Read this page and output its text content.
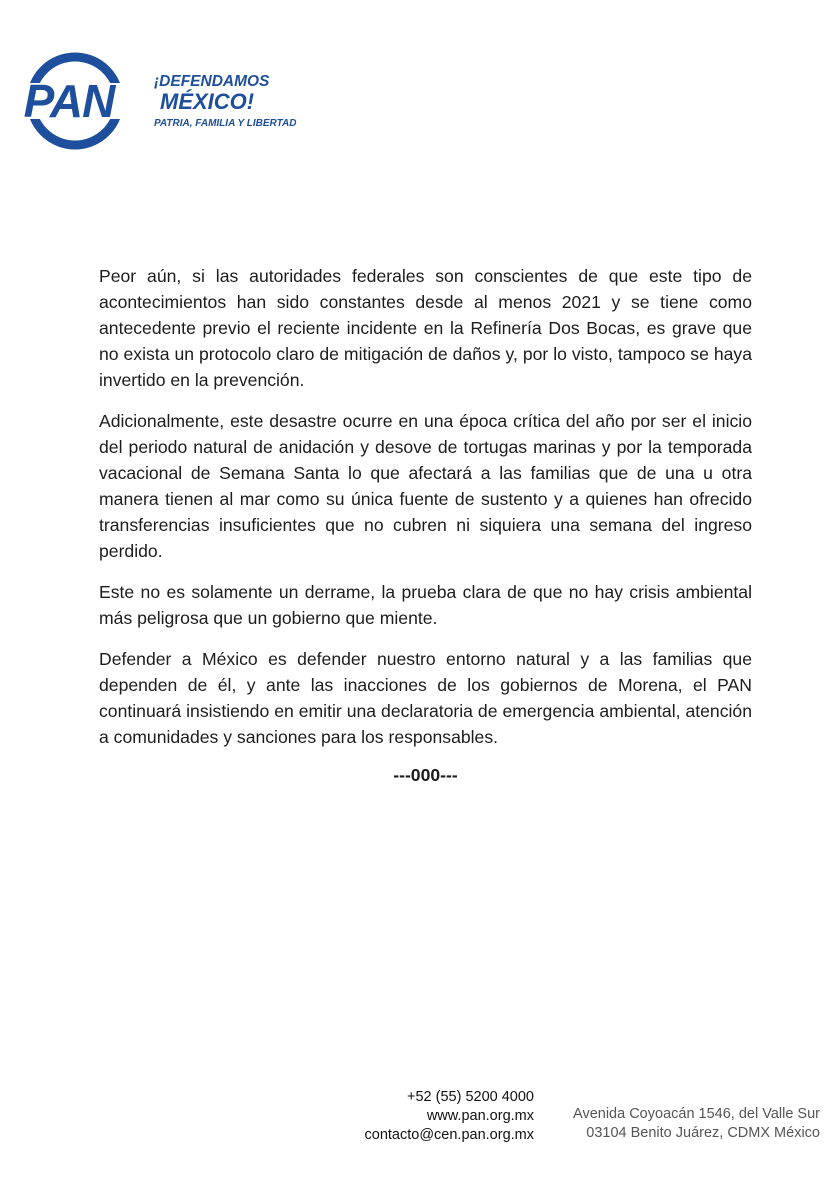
PAN	¡DEFENDAMOS
MÉXICO!
PATRIA, FAMILIA Y LIBERTAD

Peor aún, si las autoridades federales son conscientes de que este tipo de acontecimientos han sido constantes desde al menos 2021 y se tiene como antecedente previo el reciente incidente en la Refinería Dos Bocas, es grave que no exista un protocolo claro de mitigación de daños y, por lo visto, tampoco se haya invertido en la prevención.

Adicionalmente, este desastre ocurre en una época crítica del año por ser el inicio del periodo natural de anidación y desove de tortugas marinas y por la temporada vacacional de Semana Santa lo que afectará a las familias que de una u otra manera tienen al mar como su única fuente de sustento y a quienes han ofrecido transferencias insuficientes que no cubren ni siquiera una semana del ingreso perdido.

Este no es solamente un derrame, la prueba clara de que no hay crisis ambiental más peligrosa que un gobierno que miente.

Defender a México es defender nuestro entorno natural y a las familias que dependen de él, y ante las inacciones de los gobiernos de Morena, el PAN continuará insistiendo en emitir una declaratoria de emergencia ambiental, atención a comunidades y sanciones para los responsables.

---000---
+52 (55) 5200 4000
www.pan.org.mx
contacto@cen.pan.org.mx
Avenida Coyoacán 1546, del Valle Sur
03104 Benito Juárez, CDMX México
